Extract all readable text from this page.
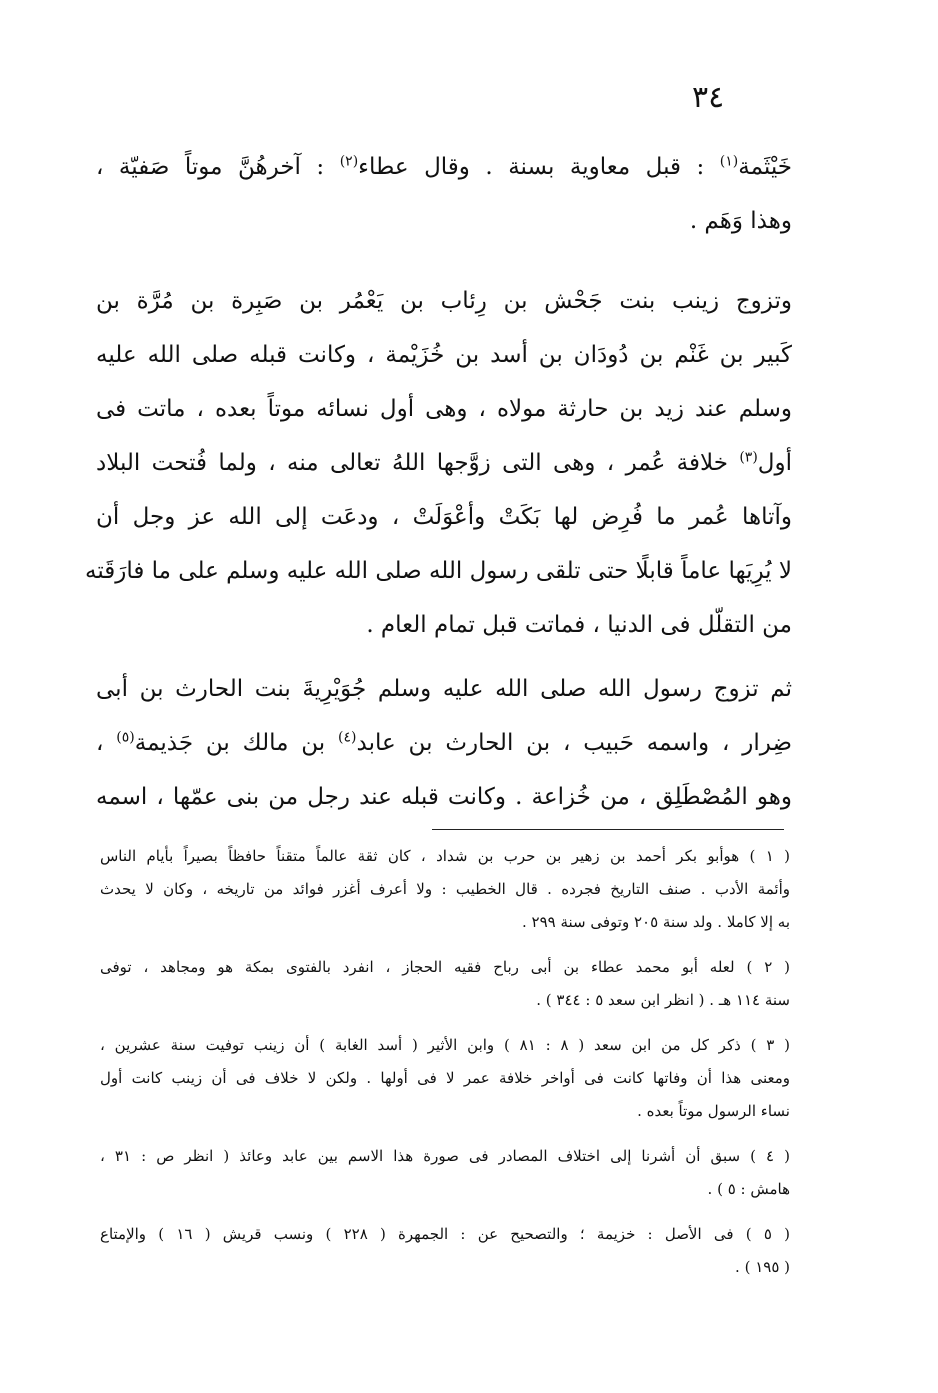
٣٤
خَيْثَمة$^{(١)}$ : قبل معاوية بسنة . وقال عطاء$^{(٢)}$ : آخرهُنَّ موتاً صَفيّة ،
وهذا وَهَم .
وتزوج زينب بنت جَحْش بن رِئاب بن يَعْمُر بن صَبِرة بن مُرَّة بن
كَبير بن غَنْم بن دُودَان بن أسد بن خُزَيْمة ، وكانت قبله صلى الله عليه
وسلم عند زيد بن حارثة مولاه ، وهى أول نسائه موتاً بعده ، ماتت فى
أول$^{(٣)}$ خلافة عُمر ، وهى التى زوَّجها اللهُ تعالى منه ، ولما فُتحت البلاد
وآتاها عُمر ما فُرِض لها بَكَتْ وأعْوَلَتْ ، ودعَت إلى الله عز وجل أن
لا يُرِيَها عاماً قابلًا حتى تلقى رسول الله صلى الله عليه وسلم على ما فارَقَته
من التقلّل فى الدنيا ، فماتت قبل تمام العام .
ثم تزوج رسول الله صلى الله عليه وسلم جُوَيْرِيةَ بنت الحارث بن أبى
ضِرار ، واسمه حَبيب ، بن الحارث بن عابد$^{(٤)}$ بن مالك بن جَذيمة$^{(٥)}$ ،
وهو المُصْطَلِق ، من خُزاعة . وكانت قبله عند رجل من بنى عمّها ، اسمه
( ١ ) هوأبو بكر أحمد بن زهير بن حرب بن شداد ، كان ثقة عالماً متقناً حافظاً بصيراً بأيام الناس
وأئمة الأدب . صنف التاريخ فجرده . قال الخطيب : ولا أعرف أغزر فوائد من تاريخه ، وكان لا يحدث
به إلا كاملا . ولد سنة ٢٠٥ وتوفى سنة ٢٩٩ .
( ٢ ) لعله أبو محمد عطاء بن أبى رباح فقيه الحجاز ، انفرد بالفتوى بمكة هو ومجاهد ، توفى
سنة ١١٤ هـ . ( انظر ابن سعد ٥ : ٣٤٤ ) .
( ٣ ) ذكر كل من ابن سعد ( ٨ : ٨١ ) وابن الأثير ( أسد الغابة ) أن زينب توفيت سنة عشرين ،
ومعنى هذا أن وفاتها كانت فى أواخر خلافة عمر لا فى أولها . ولكن لا خلاف فى أن زينب كانت أول
نساء الرسول موتاً بعده .
( ٤ ) سبق أن أشرنا إلى اختلاف المصادر فى صورة هذا الاسم بين عابد وعائذ ( انظر ص : ٣١ ،
هامش : ٥ ) .
( ٥ ) فى الأصل : خزيمة ؛ والتصحيح عن : الجمهرة ( ٢٢٨ ) ونسب قريش ( ١٦ ) والإمتاع
( ١٩٥ ) .
